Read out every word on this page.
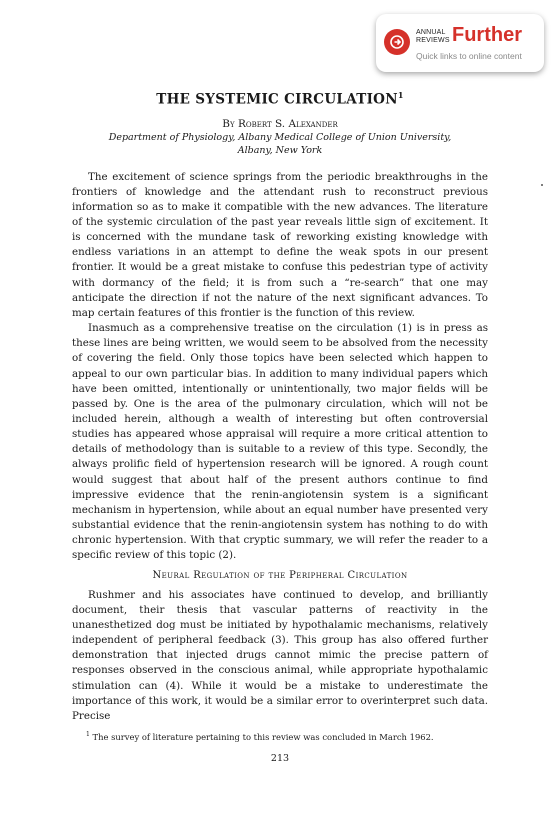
ANNUAL
REVIEWS Further
Quick links to online content
THE SYSTEMIC CIRCULATION$^1$
By Robert S. Alexander
Department of Physiology, Albany Medical College of Union University,
Albany, New York

The excitement of science springs from the periodic breakthroughs in the frontiers of knowledge and the attendant rush to reconstruct previous information so as to make it compatible with the new advances. The literature of the systemic circulation of the past year reveals little sign of excitement. It is concerned with the mundane task of reworking existing knowledge with endless variations in an attempt to define the weak spots in our present frontier. It would be a great mistake to confuse this pedestrian type of activity with dormancy of the field; it is from such a “re-search” that one may anticipate the direction if not the nature of the next significant advances. To map certain features of this frontier is the function of this review.

Inasmuch as a comprehensive treatise on the circulation (1) is in press as these lines are being written, we would seem to be absolved from the necessity of covering the field. Only those topics have been selected which happen to appeal to our own particular bias. In addition to many individual papers which have been omitted, intentionally or unintentionally, two major fields will be passed by. One is the area of the pulmonary circulation, which will not be included herein, although a wealth of interesting but often controversial studies has appeared whose appraisal will require a more critical attention to details of methodology than is suitable to a review of this type. Secondly, the always prolific field of hypertension research will be ignored. A rough count would suggest that about half of the present authors continue to find impressive evidence that the renin-angiotensin system is a significant mechanism in hypertension, while about an equal number have presented very substantial evidence that the renin-angiotensin system has nothing to do with chronic hypertension. With that cryptic summary, we will refer the reader to a specific review of this topic (2).

Neural Regulation of the Peripheral Circulation

Rushmer and his associates have continued to develop, and brilliantly document, their thesis that vascular patterns of reactivity in the unanesthetized dog must be initiated by hypothalamic mechanisms, relatively independent of peripheral feedback (3). This group has also offered further demonstration that injected drugs cannot mimic the precise pattern of responses observed in the conscious animal, while appropriate hypothalamic stimulation can (4). While it would be a mistake to underestimate the importance of this work, it would be a similar error to overinterpret such data. Precise

$^1$ The survey of literature pertaining to this review was concluded in March 1962.
213
